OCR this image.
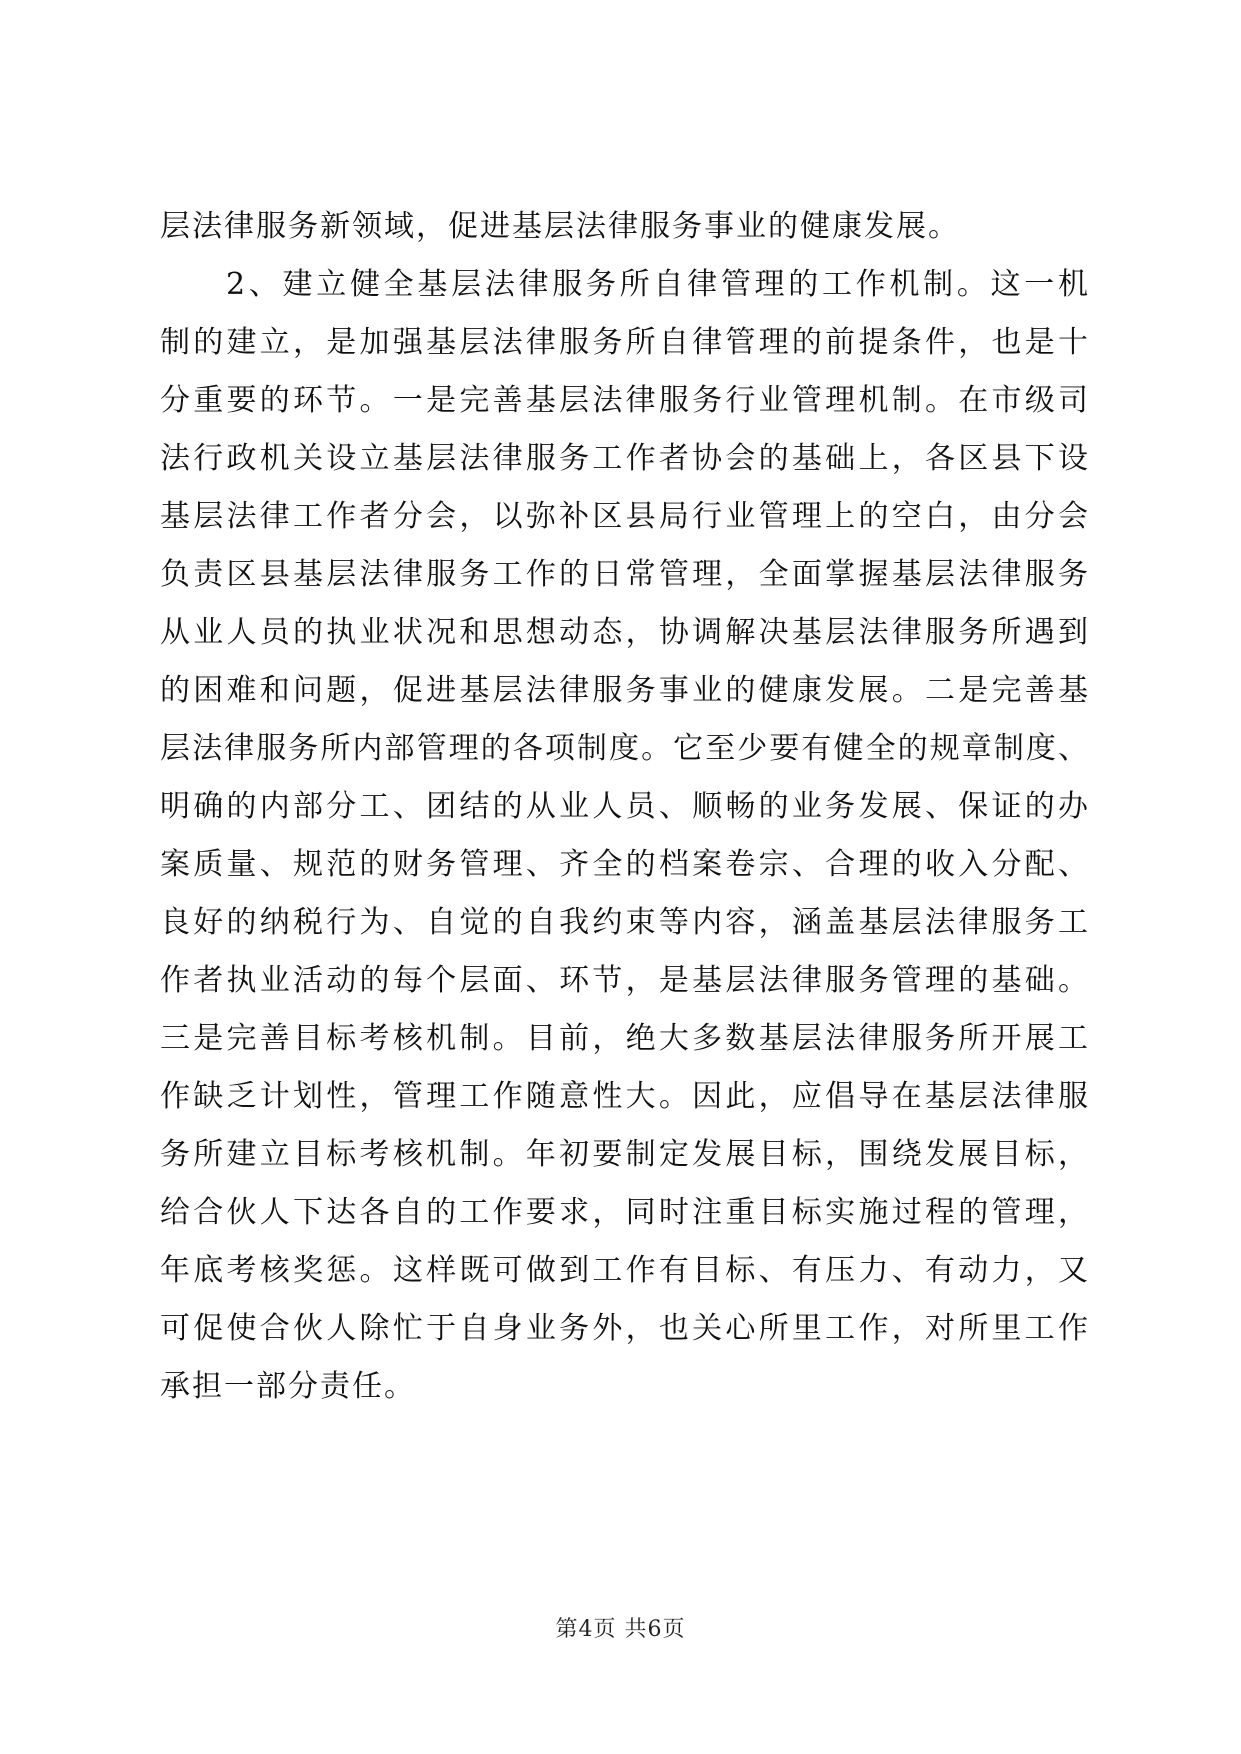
层法律服务新领域，促进基层法律服务事业的健康发展。
2、建立健全基层法律服务所自律管理的工作机制。这一机
制的建立，是加强基层法律服务所自律管理的前提条件，也是十
分重要的环节。一是完善基层法律服务行业管理机制。在市级司
法行政机关设立基层法律服务工作者协会的基础上，各区县下设
基层法律工作者分会，以弥补区县局行业管理上的空白，由分会
负责区县基层法律服务工作的日常管理，全面掌握基层法律服务
从业人员的执业状况和思想动态，协调解决基层法律服务所遇到
的困难和问题，促进基层法律服务事业的健康发展。二是完善基
层法律服务所内部管理的各项制度。它至少要有健全的规章制度、
明确的内部分工、团结的从业人员、顺畅的业务发展、保证的办
案质量、规范的财务管理、齐全的档案卷宗、合理的收入分配、
良好的纳税行为、自觉的自我约束等内容，涵盖基层法律服务工
作者执业活动的每个层面、环节，是基层法律服务管理的基础。
三是完善目标考核机制。目前，绝大多数基层法律服务所开展工
作缺乏计划性，管理工作随意性大。因此，应倡导在基层法律服
务所建立目标考核机制。年初要制定发展目标，围绕发展目标，
给合伙人下达各自的工作要求，同时注重目标实施过程的管理，
年底考核奖惩。这样既可做到工作有目标、有压力、有动力，又
可促使合伙人除忙于自身业务外，也关心所里工作，对所里工作
承担一部分责任。
第4页 共6页
